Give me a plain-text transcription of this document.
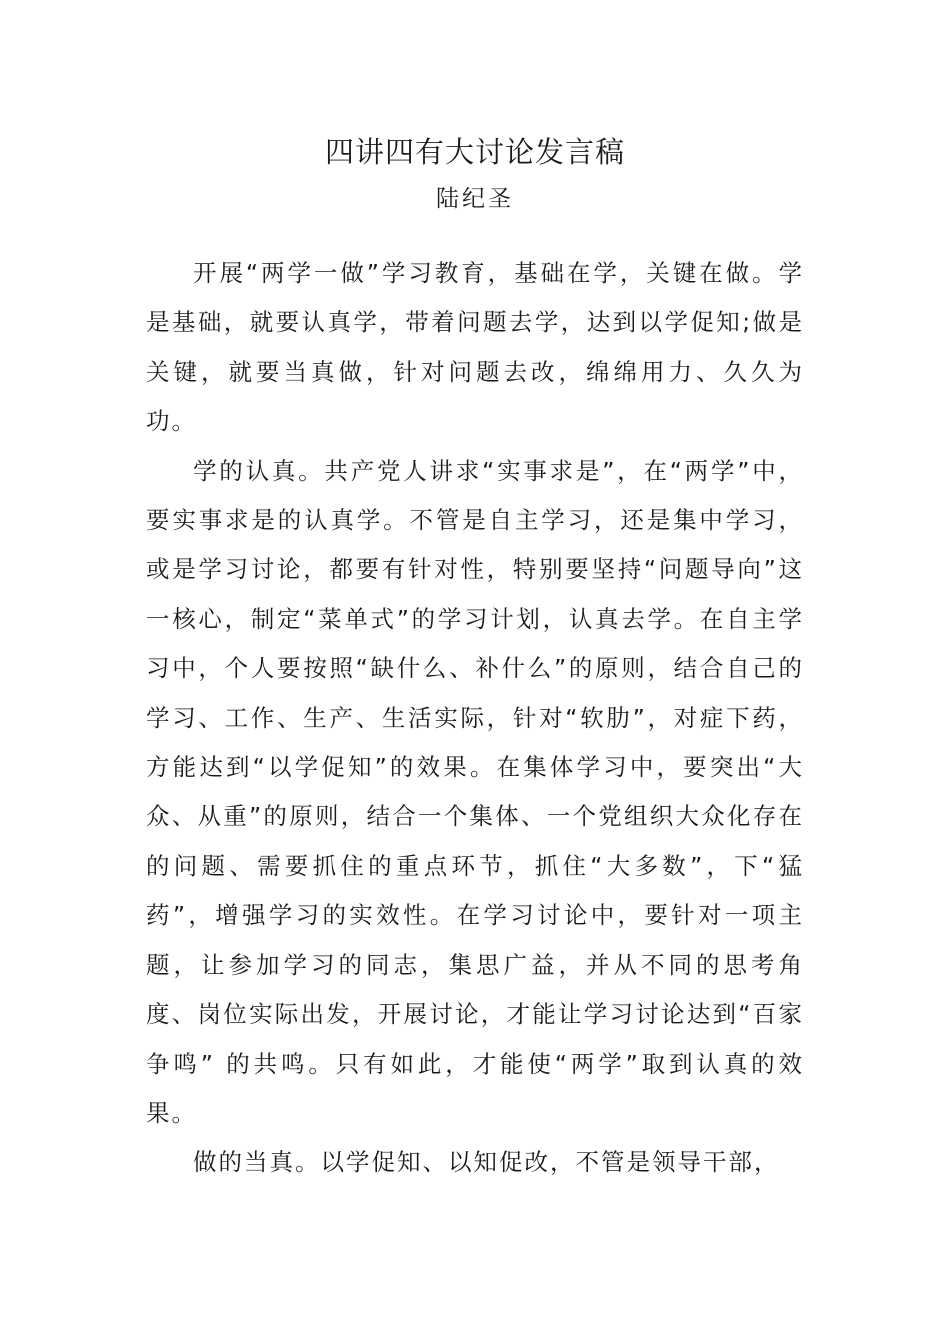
四讲四有大讨论发言稿
陆纪圣

开展“两学一做”学习教育，基础在学，关键在做。学是基础，就要认真学，带着问题去学，达到以学促知;做是关键，就要当真做，针对问题去改，绵绵用力、久久为功。

学的认真。共产党人讲求“实事求是”，在“两学”中，要实事求是的认真学。不管是自主学习，还是集中学习，或是学习讨论，都要有针对性，特别要坚持“问题导向”这一核心，制定“菜单式”的学习计划，认真去学。在自主学习中，个人要按照“缺什么、补什么”的原则，结合自己的学习、工作、生产、生活实际，针对“软肋”，对症下药，方能达到“以学促知”的效果。在集体学习中，要突出“大众、从重”的原则，结合一个集体、一个党组织大众化存在的问题、需要抓住的重点环节，抓住“大多数”，下“猛药”，增强学习的实效性。在学习讨论中，要针对一项主题，让参加学习的同志，集思广益，并从不同的思考角度、岗位实际出发，开展讨论，才能让学习讨论达到“百家争鸣” 的共鸣。只有如此，才能使“两学”取到认真的效果。

做的当真。以学促知、以知促改，不管是领导干部，
